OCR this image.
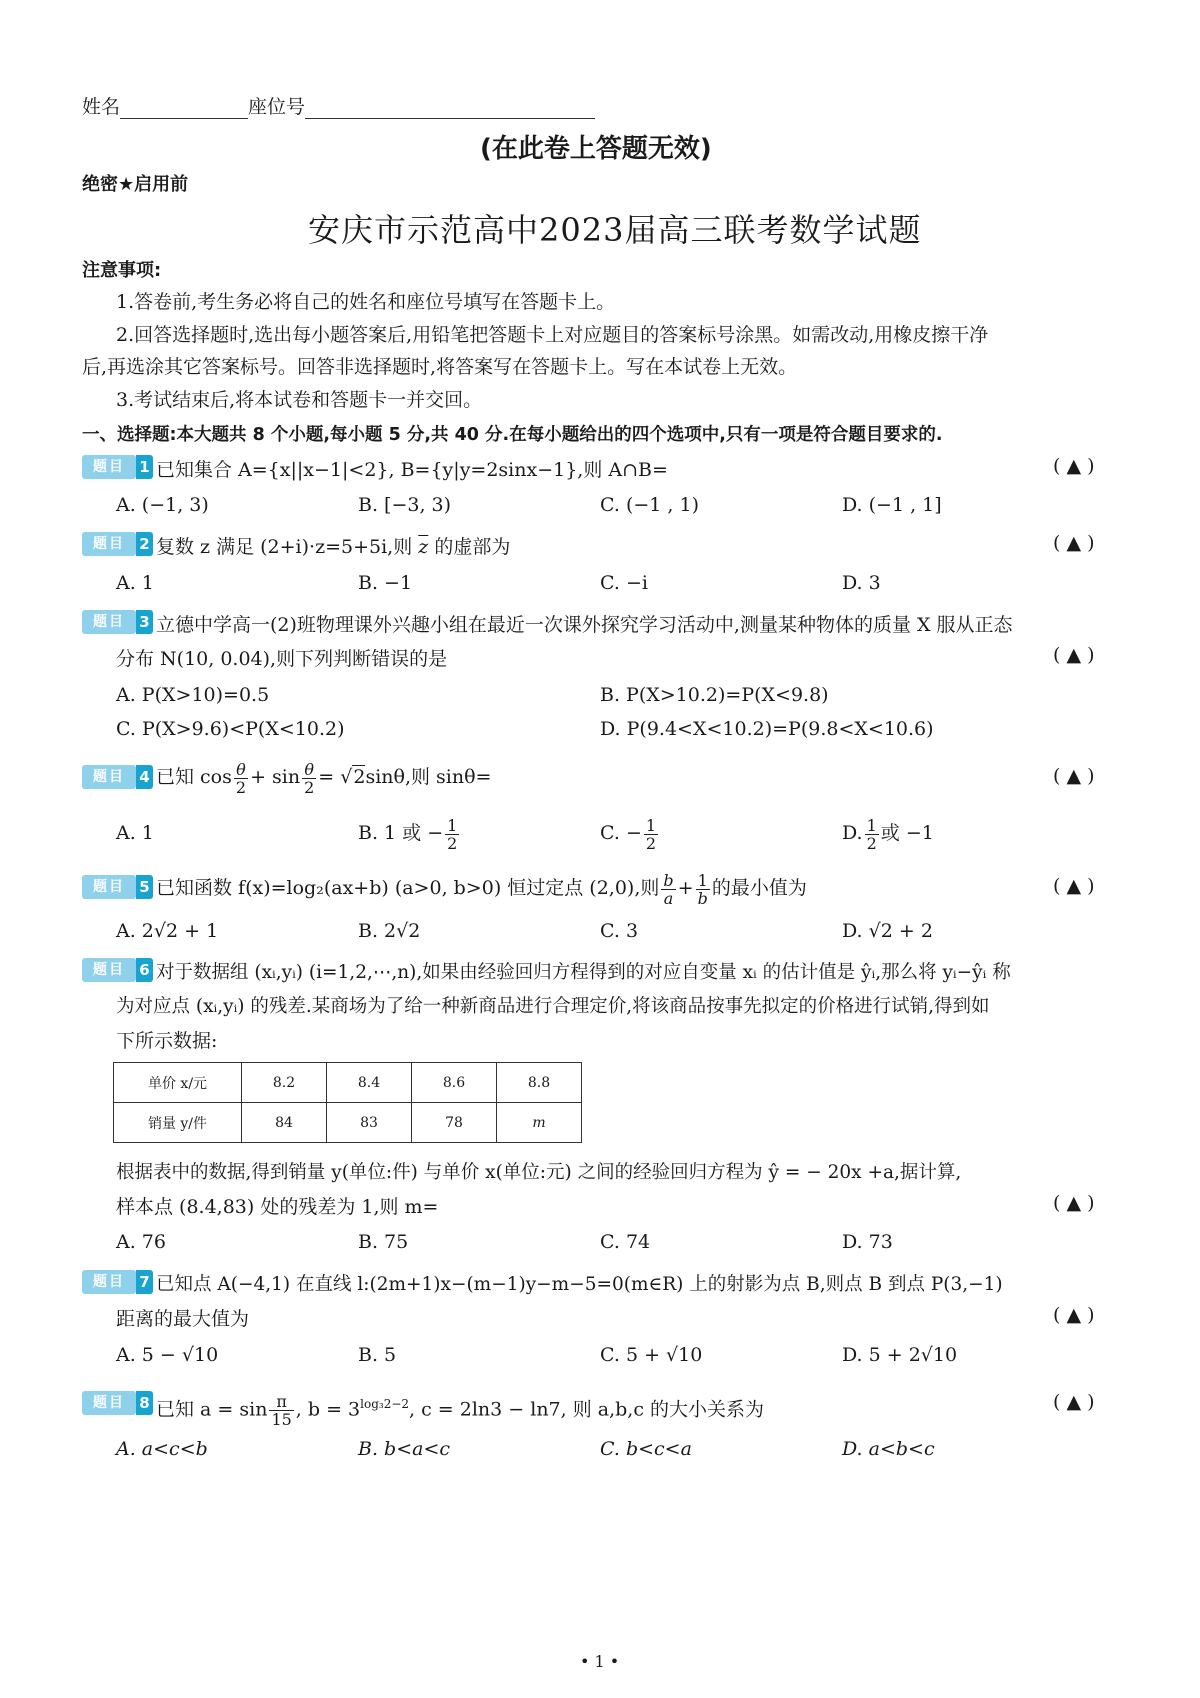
姓名	座位号
(在此卷上答题无效)
绝密★启用前
安庆市示范高中2023届高三联考数学试题
注意事项:
1.答卷前,考生务必将自己的姓名和座位号填写在答题卡上。
2.回答选择题时,选出每小题答案后,用铅笔把答题卡上对应题目的答案标号涂黑。如需改动,用橡皮擦干净
后,再选涂其它答案标号。回答非选择题时,将答案写在答题卡上。写在本试卷上无效。
3.考试结束后,将本试卷和答题卡一并交回。
一、选择题:本大题共 8 个小题,每小题 5 分,共 40 分.在每小题给出的四个选项中,只有一项是符合题目要求的.
题目 1 已知集合 A={x||x−1|<2}, B={y|y=2sinx−1},则 A∩B=	( ▲ )
A. (−1, 3)	B. [−3, 3)	C. (−1 , 1)	D. (−1 , 1]
题目 2 复数 z 满足 (2+i)·z=5+5i,则 $\overline{z}$ 的虚部为	( ▲ )
A. 1	B. −1	C. −i	D. 3
题目 3 立德中学高一(2)班物理课外兴趣小组在最近一次课外探究学习活动中,测量某种物体的质量 X 服从正态
分布 N(10, 0.04),则下列判断错误的是	( ▲ )
A. P(X>10)=0.5	B. P(X>10.2)=P(X<9.8)
C. P(X>9.6)<P(X<10.2)	D. P(9.4<X<10.2)=P(9.8<X<10.6)
题目 4 已知 $\cos \frac{\theta}{2} + \sin \frac{\theta}{2} = √2\sin\theta$,则 sinθ=	( ▲ )
A. 1	B. 1 或 − $\frac{1}{2}$	C. − $\frac{1}{2}$	D. $\frac{1}{2}$ 或 −1
题目 5 已知函数 f(x)=log₂(ax+b) (a>0, b>0) 恒过定点 (2,0),则 $\frac{b}{a} + \frac{1}{b}$ 的最小值为	( ▲ )
A. 2√2 + 1	B. 2√2	C. 3	D. √2 + 2
题目 6 对于数据组 (xᵢ,yᵢ) (i=1,2,⋯,n),如果由经验回归方程得到的对应自变量 xᵢ 的估计值是 ŷᵢ,那么将 yᵢ−ŷᵢ 称
为对应点 (xᵢ,yᵢ) 的残差.某商场为了给一种新商品进行合理定价,将该商品按事先拟定的价格进行试销,得到如
下所示数据:
单价 x/元	8.2	8.4	8.6	8.8
销量 y/件	84	83	78	m
根据表中的数据,得到销量 y(单位:件) 与单价 x(单位:元) 之间的经验回归方程为 ŷ = − 20x +a,据计算,
样本点 (8.4,83) 处的残差为 1,则 m=	( ▲ )
A. 76	B. 75	C. 74	D. 73
题目 7 已知点 A(−4,1) 在直线 l:(2m+1)x−(m−1)y−m−5=0(m∈R) 上的射影为点 B,则点 B 到点 P(3,−1)
距离的最大值为	( ▲ )
A. 5 − √10	B. 5	C. 5 + √10	D. 5 + 2√10
题目 8 已知 $a = \sin \frac{\pi}{15}$ , $b = 3^{log_32-2}$, c = 2ln3 − ln7, 则 a,b,c 的大小关系为	( ▲ )
A. a<c<b	B. b<a<c	C. b<c<a	D. a<b<c
• 1 •
